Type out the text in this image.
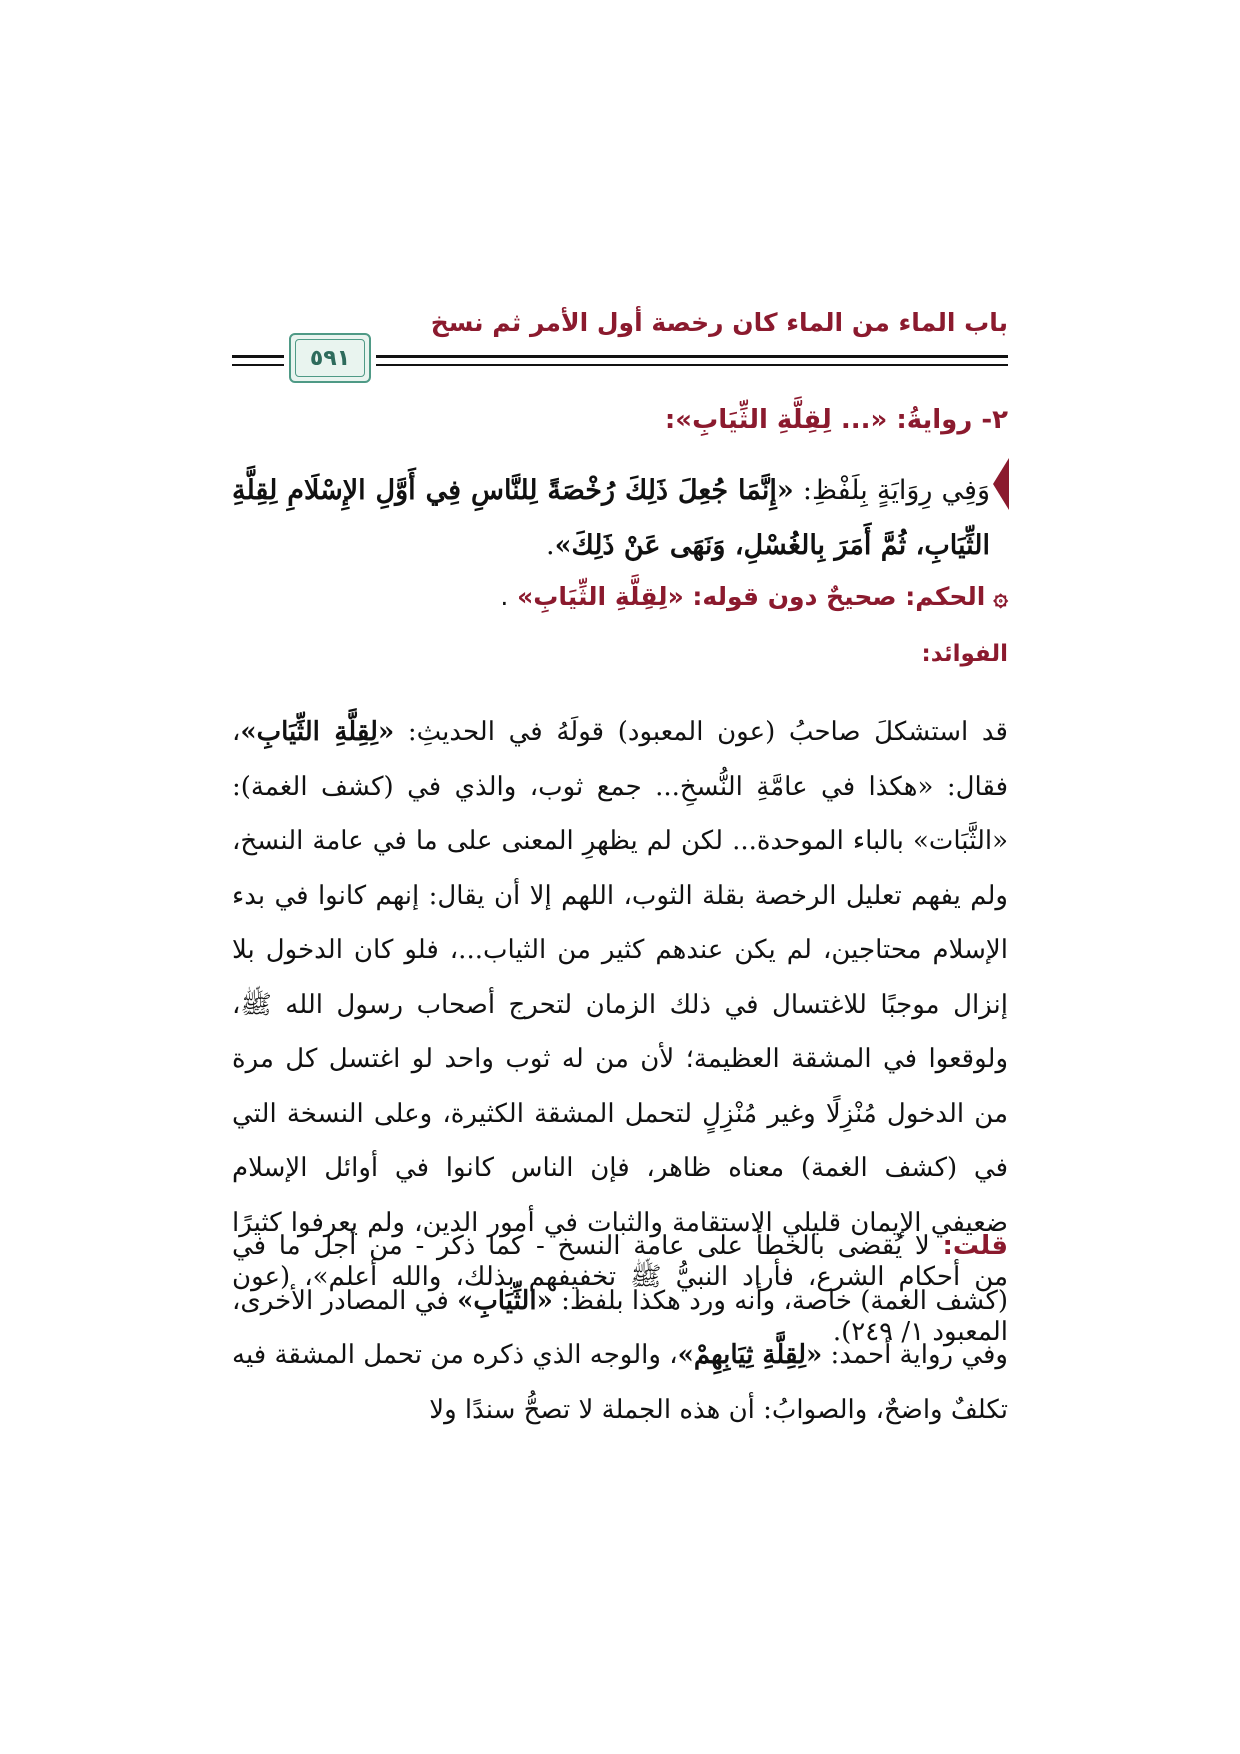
باب الماء من الماء كان رخصة أول الأمر ثم نسخ
٥٩١
٢- روايةُ: «... لِقِلَّةِ الثِّيَابِ»:
وَفِي رِوَايَةٍ بِلَفْظِ: «إِنَّمَا جُعِلَ ذَلِكَ رُخْصَةً لِلنَّاسِ فِي أَوَّلِ الإِسْلَامِ لِقِلَّةِ الثِّيَابِ، ثُمَّ أَمَرَ بِالغُسْلِ، وَنَهَى عَنْ ذَلِكَ».
۞الحكم: صحيحٌ دون قوله: «لِقِلَّةِ الثِّيَابِ» .
الفوائد:
قد استشكلَ صاحبُ (عون المعبود) قولَهُ في الحديثِ: «لِقِلَّةِ الثِّيَابِ»، فقال: «هكذا في عامَّةِ النُّسخِ... جمع ثوب، والذي في (كشف الغمة): «الثَّبَات» بالباء الموحدة... لكن لم يظهرِ المعنى على ما في عامة النسخ، ولم يفهم تعليل الرخصة بقلة الثوب، اللهم إلا أن يقال: إنهم كانوا في بدء الإسلام محتاجين، لم يكن عندهم كثير من الثياب...، فلو كان الدخول بلا إنزال موجبًا للاغتسال في ذلك الزمان لتحرج أصحاب رسول الله ﷺ، ولوقعوا في المشقة العظيمة؛ لأن من له ثوب واحد لو اغتسل كل مرة من الدخول مُنْزِلًا وغير مُنْزِلٍ لتحمل المشقة الكثيرة، وعلى النسخة التي في (كشف الغمة) معناه ظاهر، فإن الناس كانوا في أوائل الإسلام ضعيفي الإيمان قليلي الاستقامة والثبات في أمور الدين، ولم يعرفوا كثيرًا من أحكام الشرع، فأراد النبيُّ ﷺ تخفيفهم بذلك، والله أعلم»، (عون المعبود ١/ ٢٤٩).
قلت: لا يُقضى بالخطأ على عامة النسخ - كما ذكر - من أجل ما في (كشف الغمة) خاصة، وأنه ورد هكذا بلفظ: «الثِّيَابِ» في المصادر الأخرى، وفي رواية أحمد: «لِقِلَّةِ ثِيَابِهِمْ»، والوجه الذي ذكره من تحمل المشقة فيه تكلفٌ واضحٌ، والصوابُ: أن هذه الجملة لا تصحُّ سندًا ولا
